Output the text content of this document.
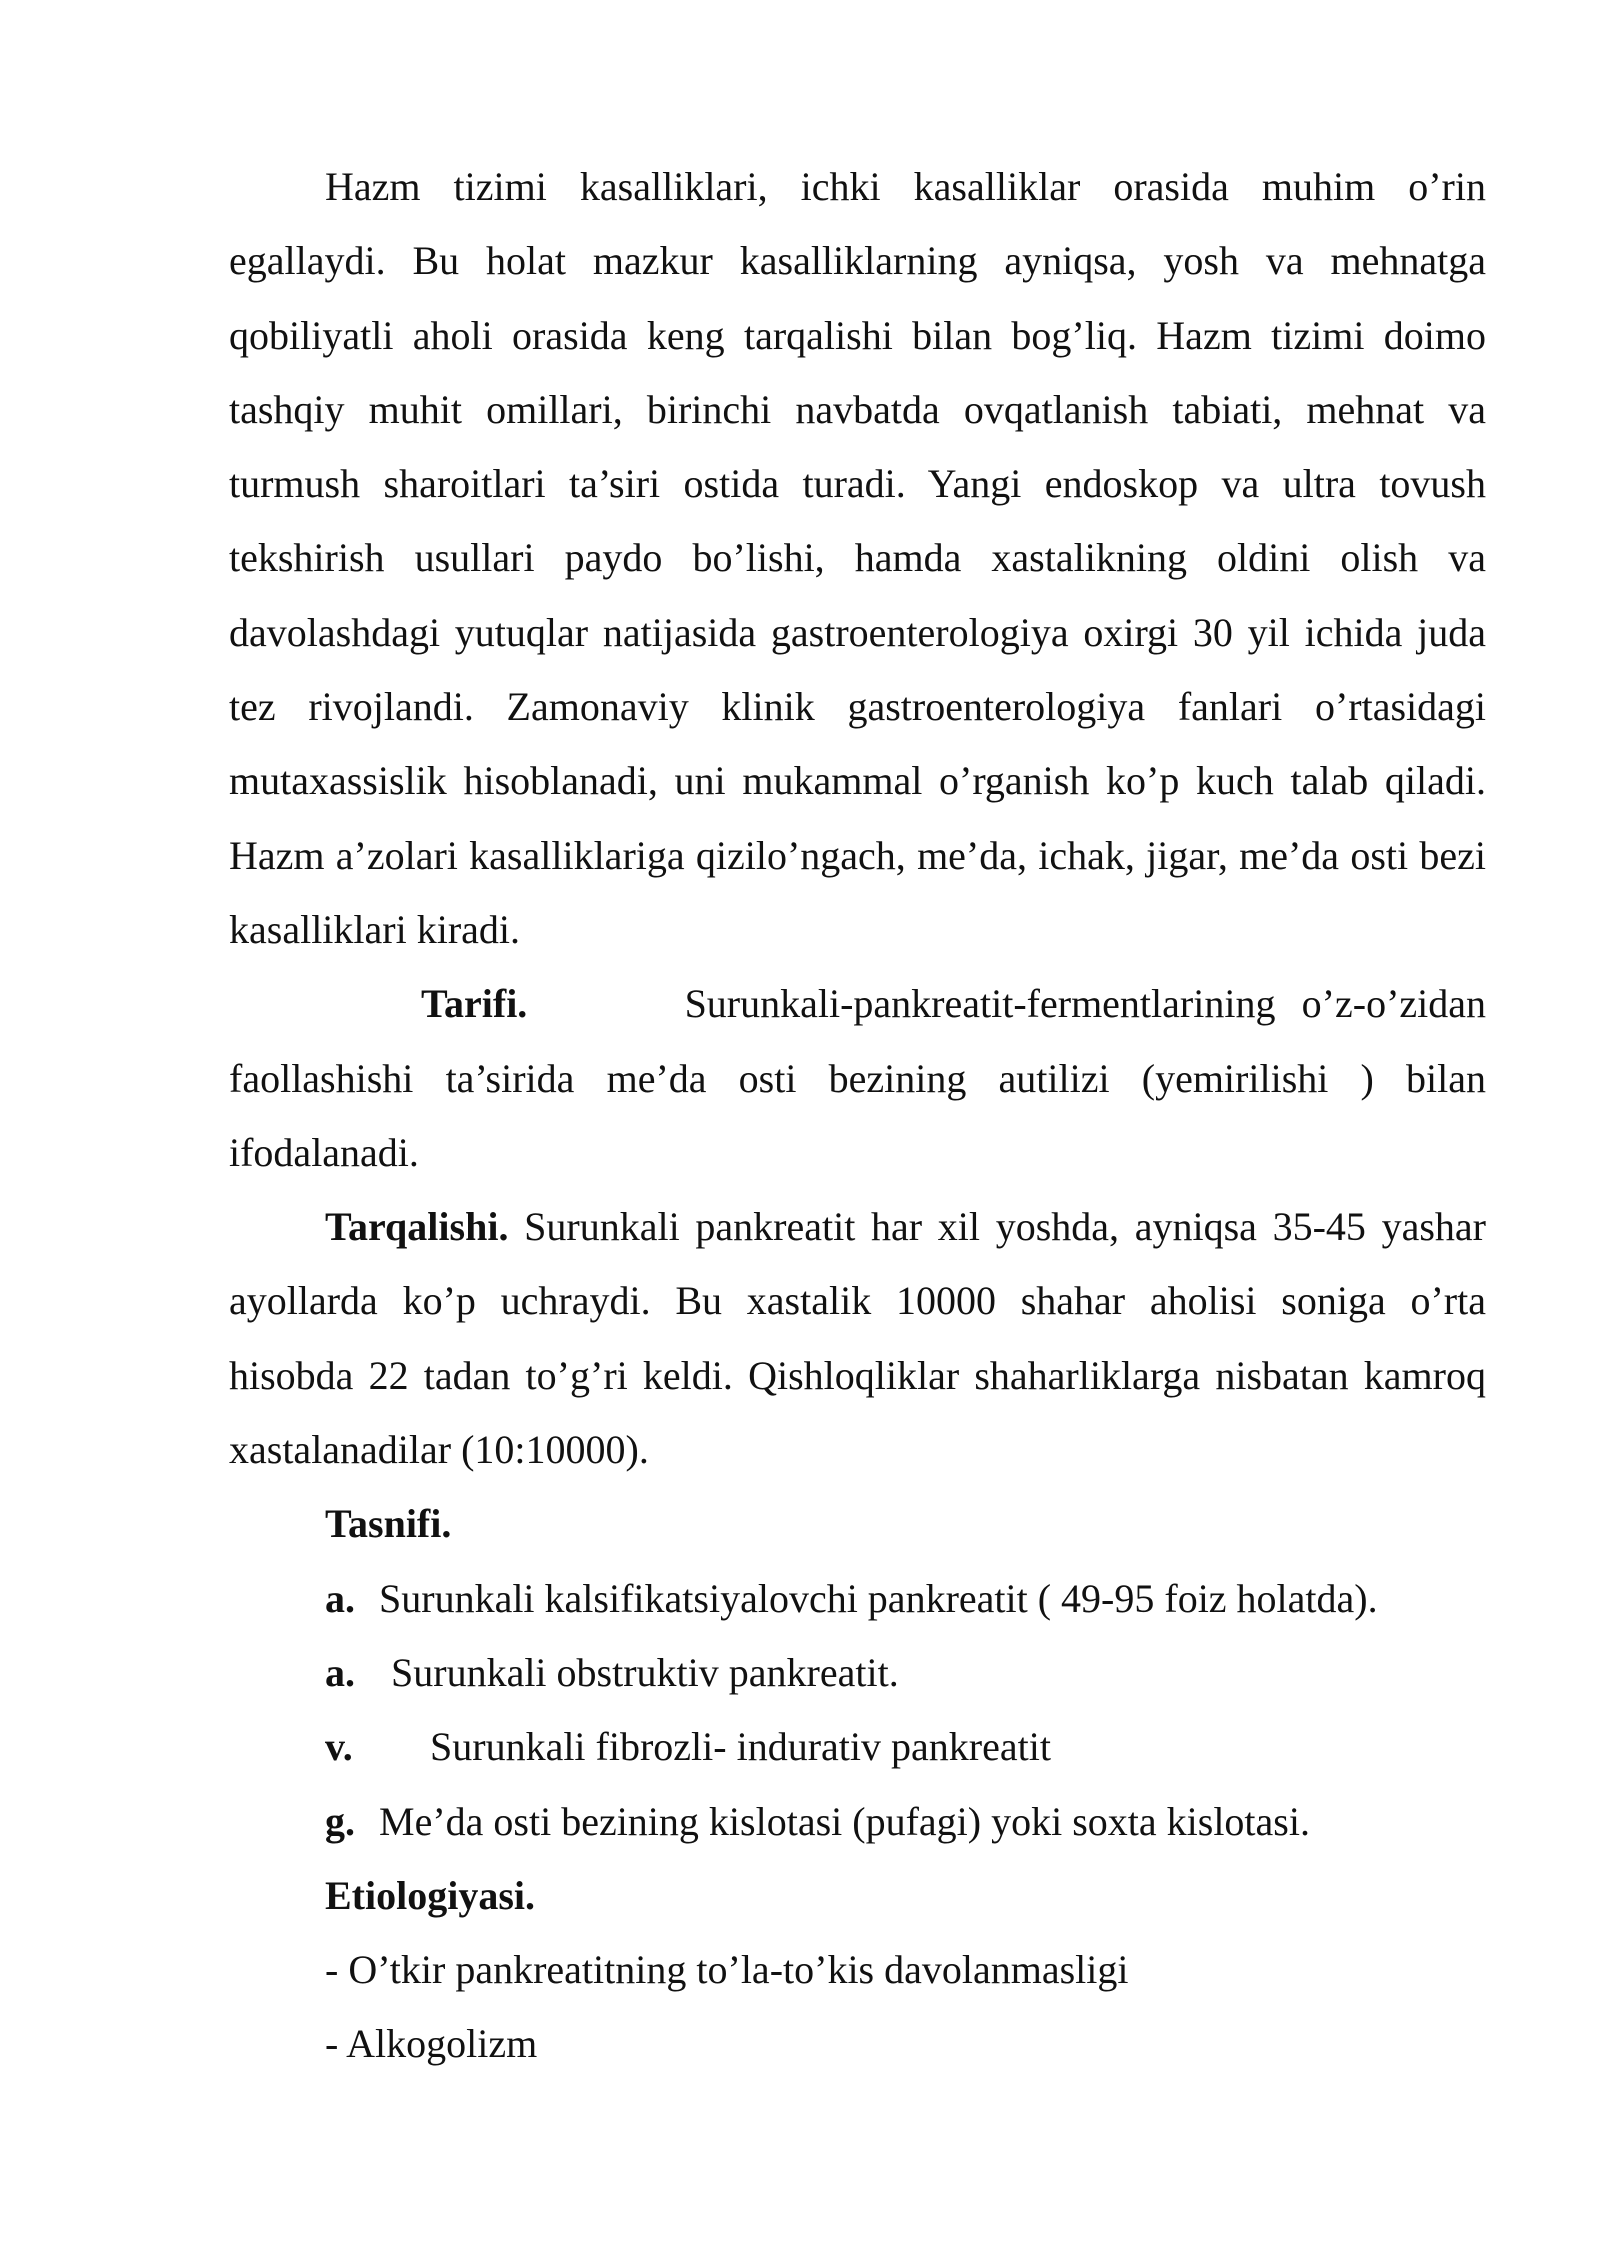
Hazm tizimi kasalliklari, ichki kasalliklar orasida muhim o’rin egallaydi. Bu holat mazkur kasalliklarning ayniqsa, yosh va mehnatga qobiliyatli aholi orasida keng tarqalishi bilan bog’liq. Hazm tizimi doimo tashqiy muhit omillari, birinchi navbatda ovqatlanish tabiati, mehnat va turmush sharoitlari ta’siri ostida turadi. Yangi endoskop va ultra tovush tekshirish usullari paydo bo’lishi, hamda xastalikning oldini olish va davolashdagi yutuqlar natijasida gastroenterologiya oxirgi 30 yil ichida juda tez rivojlandi. Zamonaviy klinik gastroenterologiya fanlari o’rtasidagi mutaxassislik hisoblanadi, uni mukammal o’rganish ko’p kuch talab qiladi. Hazm a’zolari kasalliklariga qizilo’ngach, me’da, ichak, jigar, me’da osti bezi kasalliklari kiradi.

Tarifi.	Surunkali-pankreatit-fermentlarining o’z-o’zidan faollashishi ta’sirida me’da osti bezining autilizi (yemirilishi ) bilan ifodalanadi.

Tarqalishi. Surunkali pankreatit har xil yoshda, ayniqsa 35-45 yashar ayollarda ko’p uchraydi. Bu xastalik 10000 shahar aholisi soniga o’rta hisobda 22 tadan to’g’ri keldi. Qishloqliklar shaharliklarga nisbatan kamroq xastalanadilar (10:10000).

Tasnifi.

a. Surunkali kalsifikatsiyalovchi pankreatit ( 49-95 foiz holatda).

a. Surunkali obstruktiv pankreatit.

v. Surunkali fibrozli- indurativ pankreatit

g. Me’da osti bezining kislotasi (pufagi) yoki soxta kislotasi.

Etiologiyasi.

- O’tkir pankreatitning to’la-to’kis davolanmasligi

- Alkogolizm
